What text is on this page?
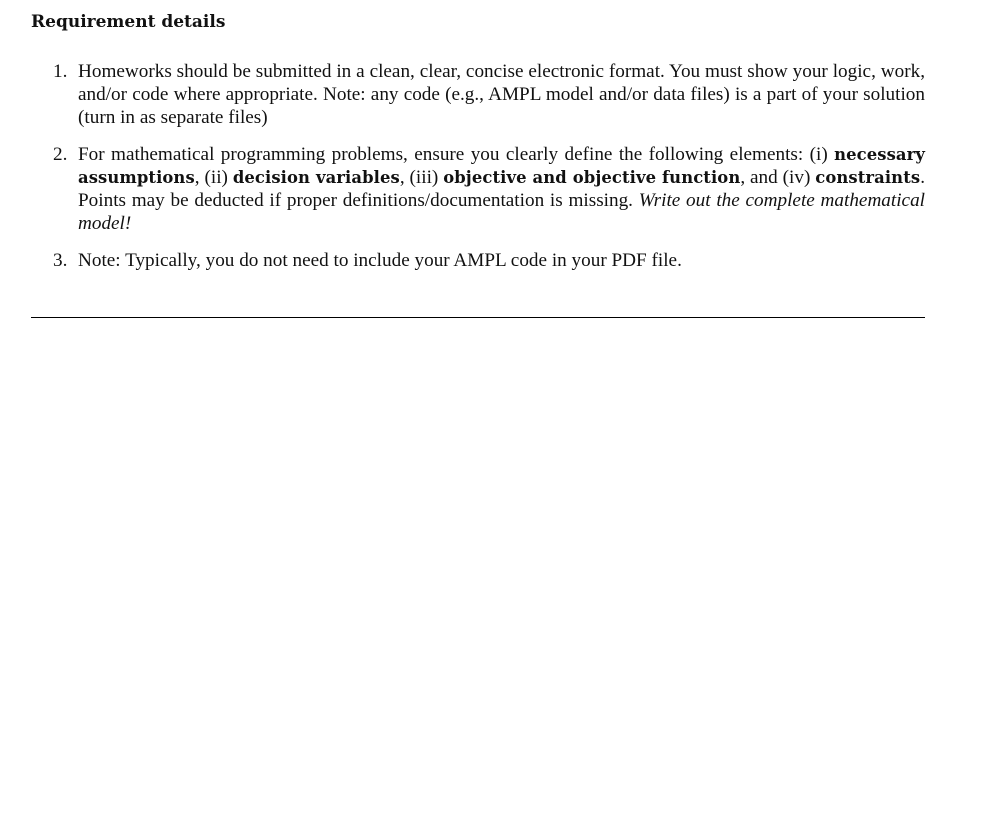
Requirement details
1. Homeworks should be submitted in a clean, clear, concise electronic format. You must show your logic, work, and/or code where appropriate. Note: any code (e.g., AMPL model and/or data files) is a part of your solution (turn in as separate files)
2. For mathematical programming problems, ensure you clearly define the following elements: (i) necessary assumptions, (ii) decision variables, (iii) objective and objective function, and (iv) constraints. Points may be deducted if proper definitions/documentation is missing. Write out the complete mathematical model!
3. Note: Typically, you do not need to include your AMPL code in your PDF file.
